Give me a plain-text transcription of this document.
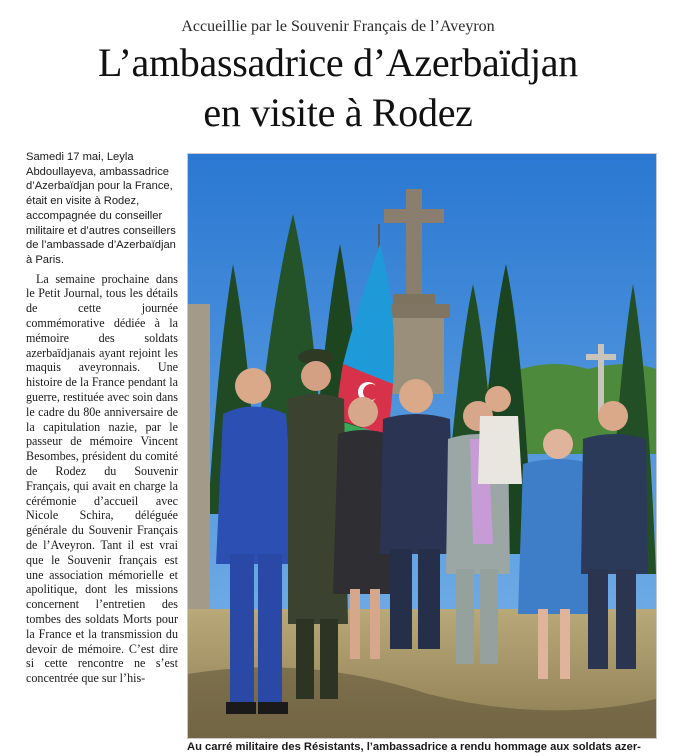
Accueillie par le Souvenir Français de l’Aveyron
L’ambassadrice d’Azerbaïdjan
en visite à Rodez

Samedi 17 mai, Leyla Abdoullayeva, ambassadrice d’Azerbaïdjan pour la France, était en visite à Rodez, accompagnée du conseiller militaire et d’autres conseillers de l’ambassade d’Azerbaïdjan à Paris.

La semaine prochaine dans le Petit Journal, tous les détails de cette journée commémorative dédiée à la mémoire des soldats azerbaïdjanais ayant rejoint les maquis aveyronnais. Une histoire de la France pendant la guerre, restituée avec soin dans le cadre du 80e anniversaire de la capitulation nazie, par le passeur de mémoire Vincent Besombes, président du comité de Rodez du Souvenir Français, qui avait en charge la cérémonie d’accueil avec Nicole Schira, déléguée générale du Souvenir Français de l’Aveyron. Tant il est vrai que le Souvenir français est une association mémorielle et apolitique, dont les missions concernent l’entretien des tombes des soldats Morts pour la France et la transmission du devoir de mémoire. C’est dire si cette rencontre ne s’est concentrée que sur l’his-

Au carré militaire des Résistants, l’ambassadrice a rendu hommage aux soldats azer-
